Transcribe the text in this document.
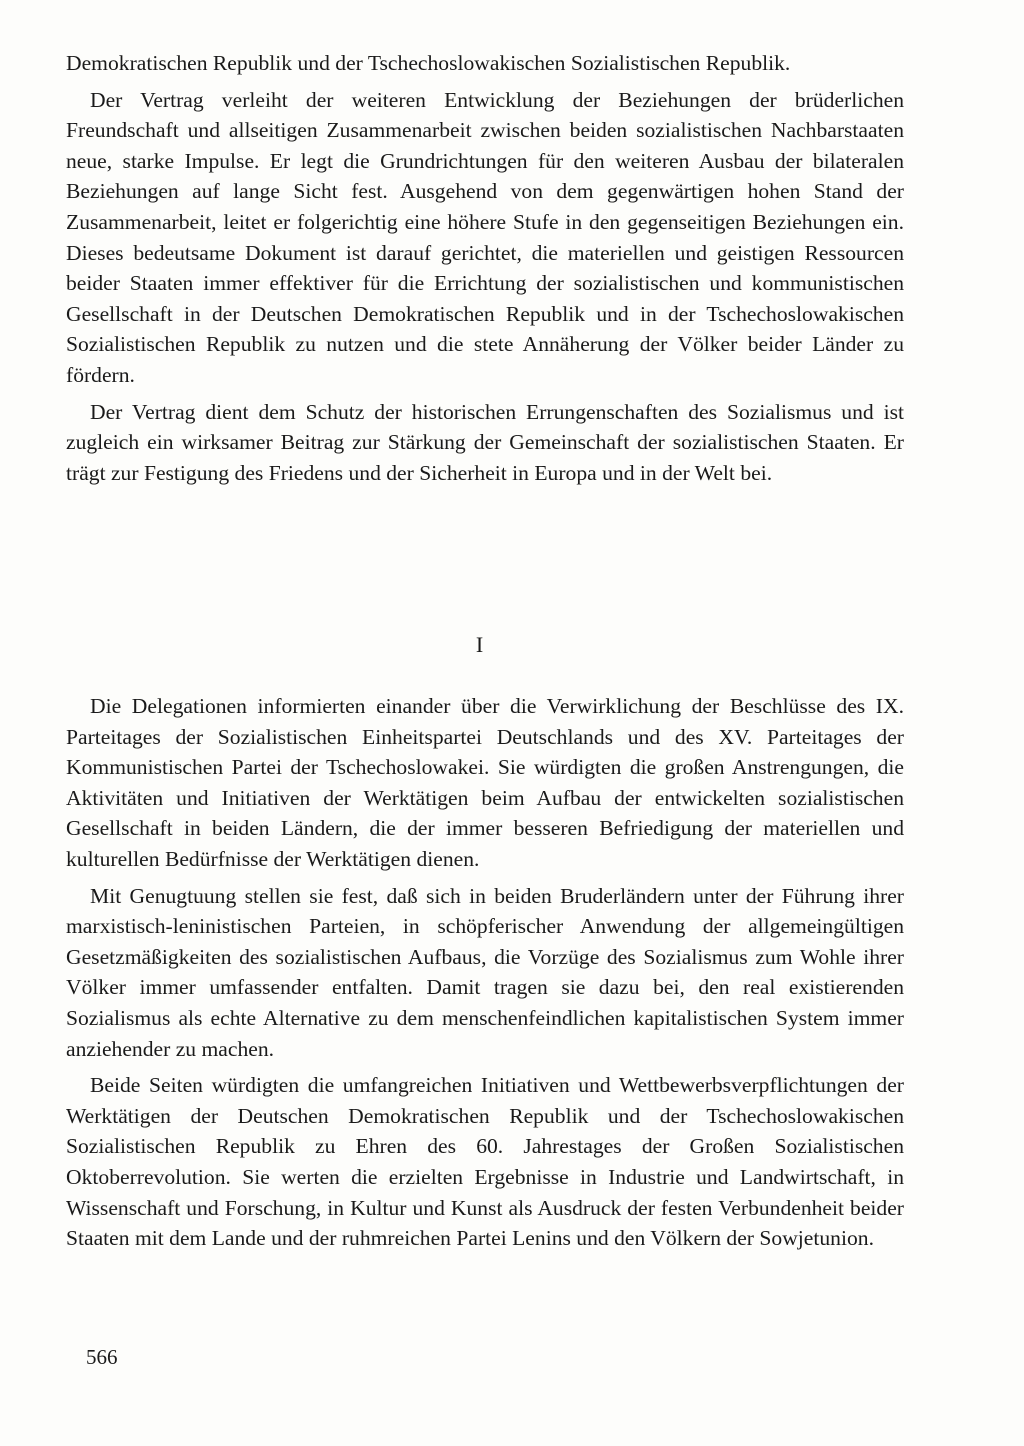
Demokratischen Republik und der Tschechoslowakischen Sozialistischen Republik.

Der Vertrag verleiht der weiteren Entwicklung der Beziehungen der brüderlichen Freundschaft und allseitigen Zusammenarbeit zwischen beiden sozialistischen Nachbarstaaten neue, starke Impulse. Er legt die Grundrichtungen für den weiteren Ausbau der bilateralen Beziehungen auf lange Sicht fest. Ausgehend von dem gegenwärtigen hohen Stand der Zusammenarbeit, leitet er folgerichtig eine höhere Stufe in den gegenseitigen Beziehungen ein. Dieses bedeutsame Dokument ist darauf gerichtet, die materiellen und geistigen Ressourcen beider Staaten immer effektiver für die Errichtung der sozialistischen und kommunistischen Gesellschaft in der Deutschen Demokratischen Republik und in der Tschechoslowakischen Sozialistischen Republik zu nutzen und die stete Annäherung der Völker beider Länder zu fördern.

Der Vertrag dient dem Schutz der historischen Errungenschaften des Sozialismus und ist zugleich ein wirksamer Beitrag zur Stärkung der Gemeinschaft der sozialistischen Staaten. Er trägt zur Festigung des Friedens und der Sicherheit in Europa und in der Welt bei.

I

Die Delegationen informierten einander über die Verwirklichung der Beschlüsse des IX. Parteitages der Sozialistischen Einheitspartei Deutschlands und des XV. Parteitages der Kommunistischen Partei der Tschechoslowakei. Sie würdigten die großen Anstrengungen, die Aktivitäten und Initiativen der Werktätigen beim Aufbau der entwickelten sozialistischen Gesellschaft in beiden Ländern, die der immer besseren Befriedigung der materiellen und kulturellen Bedürfnisse der Werktätigen dienen.

Mit Genugtuung stellen sie fest, daß sich in beiden Bruderländern unter der Führung ihrer marxistisch-leninistischen Parteien, in schöpferischer Anwendung der allgemeingültigen Gesetzmäßigkeiten des sozialistischen Aufbaus, die Vorzüge des Sozialismus zum Wohle ihrer Völker immer umfassender entfalten. Damit tragen sie dazu bei, den real existierenden Sozialismus als echte Alternative zu dem menschenfeindlichen kapitalistischen System immer anziehender zu machen.

Beide Seiten würdigten die umfangreichen Initiativen und Wettbewerbsverpflichtungen der Werktätigen der Deutschen Demokratischen Republik und der Tschechoslowakischen Sozialistischen Republik zu Ehren des 60. Jahrestages der Großen Sozialistischen Oktoberrevolution. Sie werten die erzielten Ergebnisse in Industrie und Landwirtschaft, in Wissenschaft und Forschung, in Kultur und Kunst als Ausdruck der festen Verbundenheit beider Staaten mit dem Lande und der ruhmreichen Partei Lenins und den Völkern der Sowjetunion.

566
